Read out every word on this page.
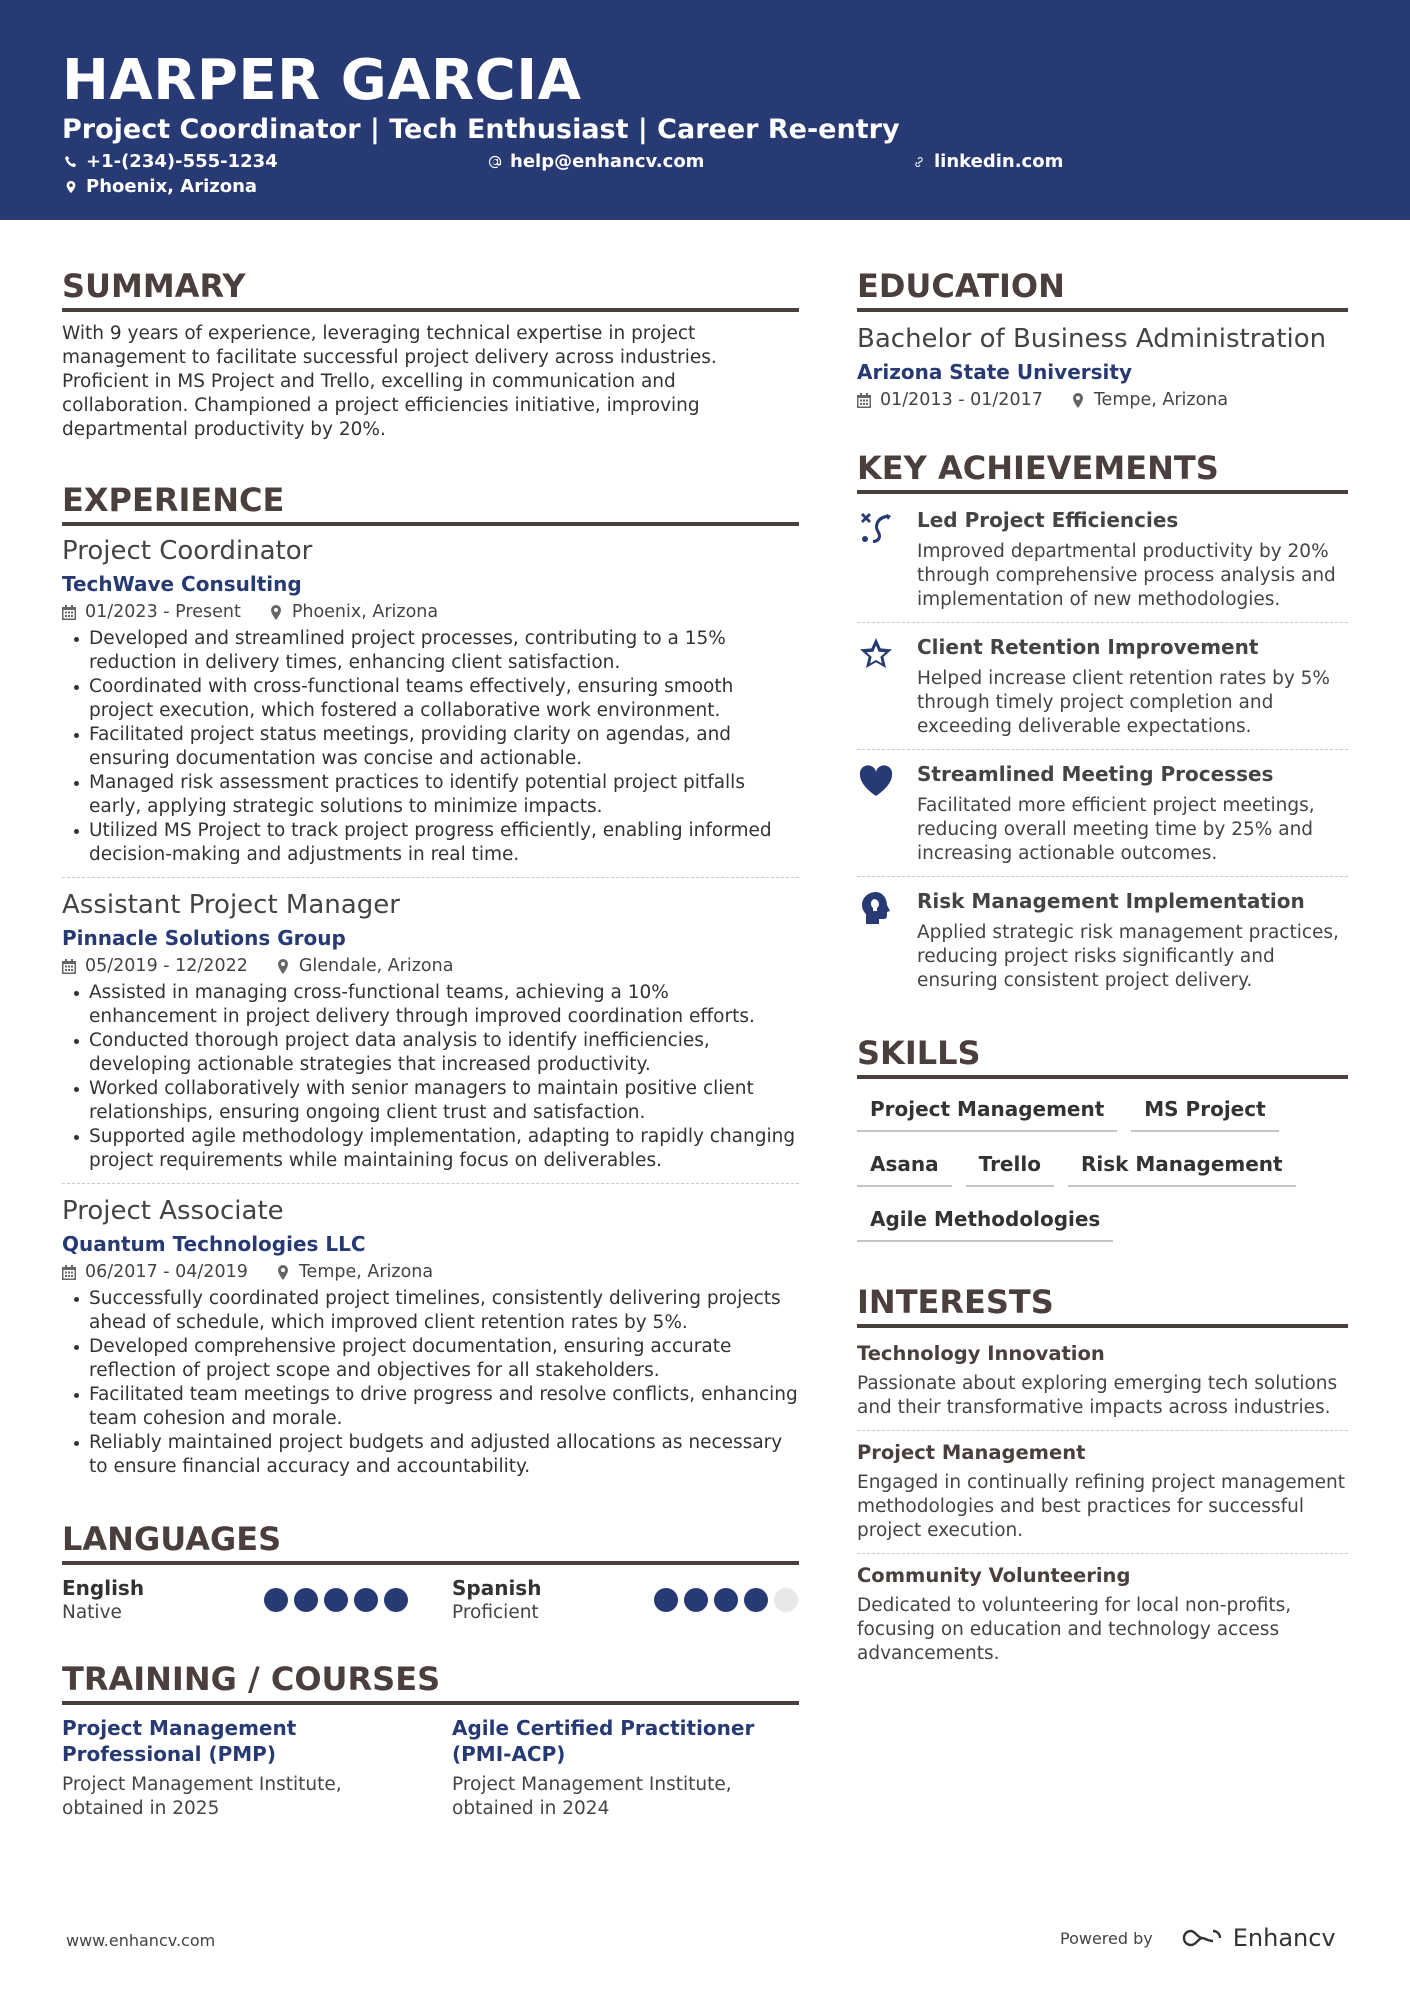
HARPER GARCIA
Project Coordinator | Tech Enthusiast | Career Re-entry
+1-(234)-555-1234	help@enhancv.com	linkedin.com
Phoenix, Arizona
SUMMARY
With 9 years of experience, leveraging technical expertise in project management to facilitate successful project delivery across industries. Proficient in MS Project and Trello, excelling in communication and collaboration. Championed a project efficiencies initiative, improving departmental productivity by 20%.
EXPERIENCE
Project Coordinator
TechWave Consulting
01/2023 - Present	Phoenix, Arizona
Developed and streamlined project processes, contributing to a 15% reduction in delivery times, enhancing client satisfaction.
Coordinated with cross-functional teams effectively, ensuring smooth project execution, which fostered a collaborative work environment.
Facilitated project status meetings, providing clarity on agendas, and ensuring documentation was concise and actionable.
Managed risk assessment practices to identify potential project pitfalls early, applying strategic solutions to minimize impacts.
Utilized MS Project to track project progress efficiently, enabling informed decision-making and adjustments in real time.
Assistant Project Manager
Pinnacle Solutions Group
05/2019 - 12/2022	Glendale, Arizona
Assisted in managing cross-functional teams, achieving a 10% enhancement in project delivery through improved coordination efforts.
Conducted thorough project data analysis to identify inefficiencies, developing actionable strategies that increased productivity.
Worked collaboratively with senior managers to maintain positive client relationships, ensuring ongoing client trust and satisfaction.
Supported agile methodology implementation, adapting to rapidly changing project requirements while maintaining focus on deliverables.
Project Associate
Quantum Technologies LLC
06/2017 - 04/2019	Tempe, Arizona
Successfully coordinated project timelines, consistently delivering projects ahead of schedule, which improved client retention rates by 5%.
Developed comprehensive project documentation, ensuring accurate reflection of project scope and objectives for all stakeholders.
Facilitated team meetings to drive progress and resolve conflicts, enhancing team cohesion and morale.
Reliably maintained project budgets and adjusted allocations as necessary to ensure financial accuracy and accountability.
LANGUAGES
English
Native
Spanish
Proficient
TRAINING / COURSES
Project Management Professional (PMP)
Project Management Institute, obtained in 2025
Agile Certified Practitioner (PMI-ACP)
Project Management Institute, obtained in 2024
EDUCATION
Bachelor of Business Administration
Arizona State University
01/2013 - 01/2017	Tempe, Arizona
KEY ACHIEVEMENTS
Led Project Efficiencies
Improved departmental productivity by 20% through comprehensive process analysis and implementation of new methodologies.
Client Retention Improvement
Helped increase client retention rates by 5% through timely project completion and exceeding deliverable expectations.
Streamlined Meeting Processes
Facilitated more efficient project meetings, reducing overall meeting time by 25% and increasing actionable outcomes.
Risk Management Implementation
Applied strategic risk management practices, reducing project risks significantly and ensuring consistent project delivery.
SKILLS
Project Management	MS Project
Asana	Trello	Risk Management
Agile Methodologies
INTERESTS
Technology Innovation
Passionate about exploring emerging tech solutions and their transformative impacts across industries.
Project Management
Engaged in continually refining project management methodologies and best practices for successful project execution.
Community Volunteering
Dedicated to volunteering for local non-profits, focusing on education and technology access advancements.
www.enhancv.com	Powered by	Enhancv
